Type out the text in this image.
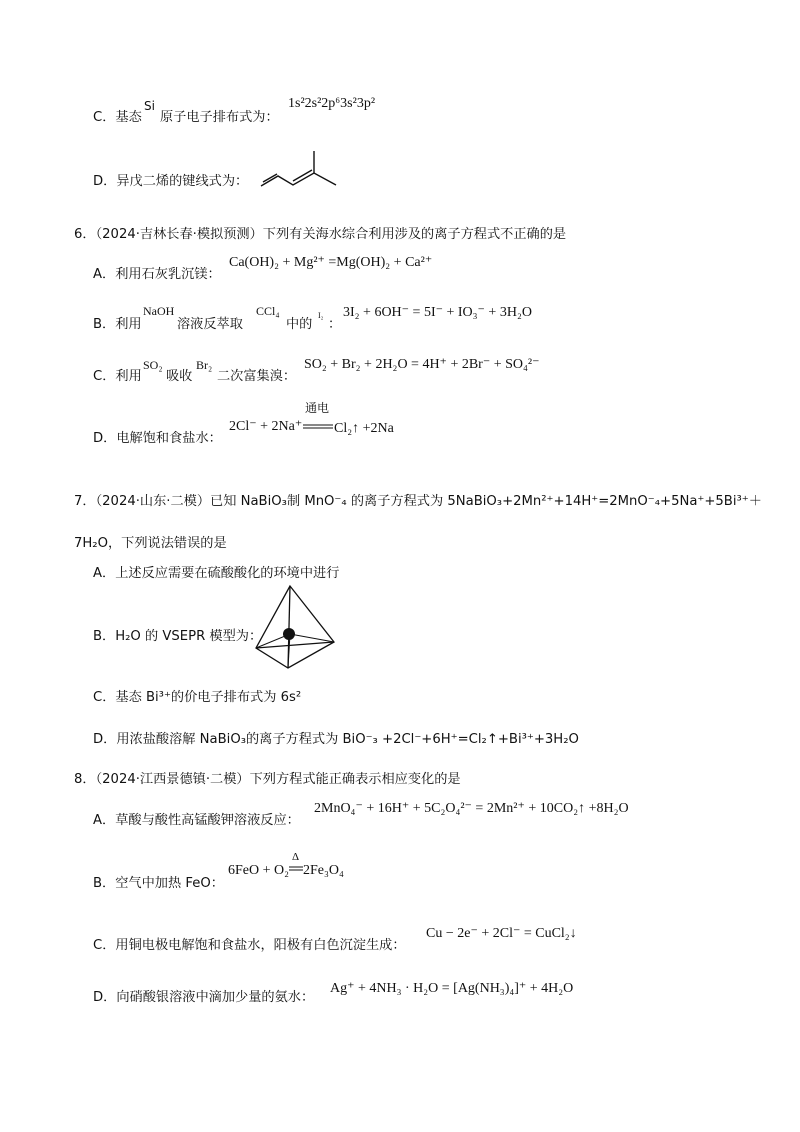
C．基态
Si
原子电子排布式为：
1s²2s²2p⁶3s²3p²
D．异戊二烯的键线式为：
6．（2024·吉林长春·模拟预测）下列有关海水综合利用涉及的离子方程式不正确的是
A．利用石灰乳沉镁：
Ca(OH)₂ + Mg²⁺ =Mg(OH)₂ + Ca²⁺
B．利用
NaOH
溶液反萃取
CCl₄
中的
I₂
：
3I₂ + 6OH⁻ = 5I⁻ + IO₃⁻ + 3H₂O
C．利用
SO₂
吸收
Br₂
二次富集溴：
SO₂ + Br₂ + 2H₂O = 4H⁺ + 2Br⁻ + SO₄²⁻
D．电解饱和食盐水：
2Cl⁻ + 2Na⁺
通电
Cl₂↑ +2Na
7．（2024·山东·二模）已知 NaBiO₃制 MnO⁻₄ 的离子方程式为 5NaBiO₃+2Mn²⁺+14H⁺=2MnO⁻₄+5Na⁺+5Bi³⁺＋
7H₂O，下列说法错误的是
A．上述反应需要在硫酸酸化的环境中进行
B．H₂O 的 VSEPR 模型为：
C．基态 Bi³⁺的价电子排布式为 6s²
D．用浓盐酸溶解 NaBiO₃的离子方程式为 BiO⁻₃ +2Cl⁻+6H⁺=Cl₂↑+Bi³⁺+3H₂O
8．（2024·江西景德镇·二模）下列方程式能正确表示相应变化的是
A．草酸与酸性高锰酸钾溶液反应：
2MnO₄⁻ + 16H⁺ + 5C₂O₄²⁻ = 2Mn²⁺ + 10CO₂↑ +8H₂O
B．空气中加热 FeO：
6FeO + O₂
Δ
2Fe₃O₄
C．用铜电极电解饱和食盐水，阳极有白色沉淀生成：
Cu − 2e⁻ + 2Cl⁻ = CuCl₂↓
D．向硝酸银溶液中滴加少量的氨水：
Ag⁺ + 4NH₃ · H₂O = [Ag(NH₃)₄]⁺ + 4H₂O
